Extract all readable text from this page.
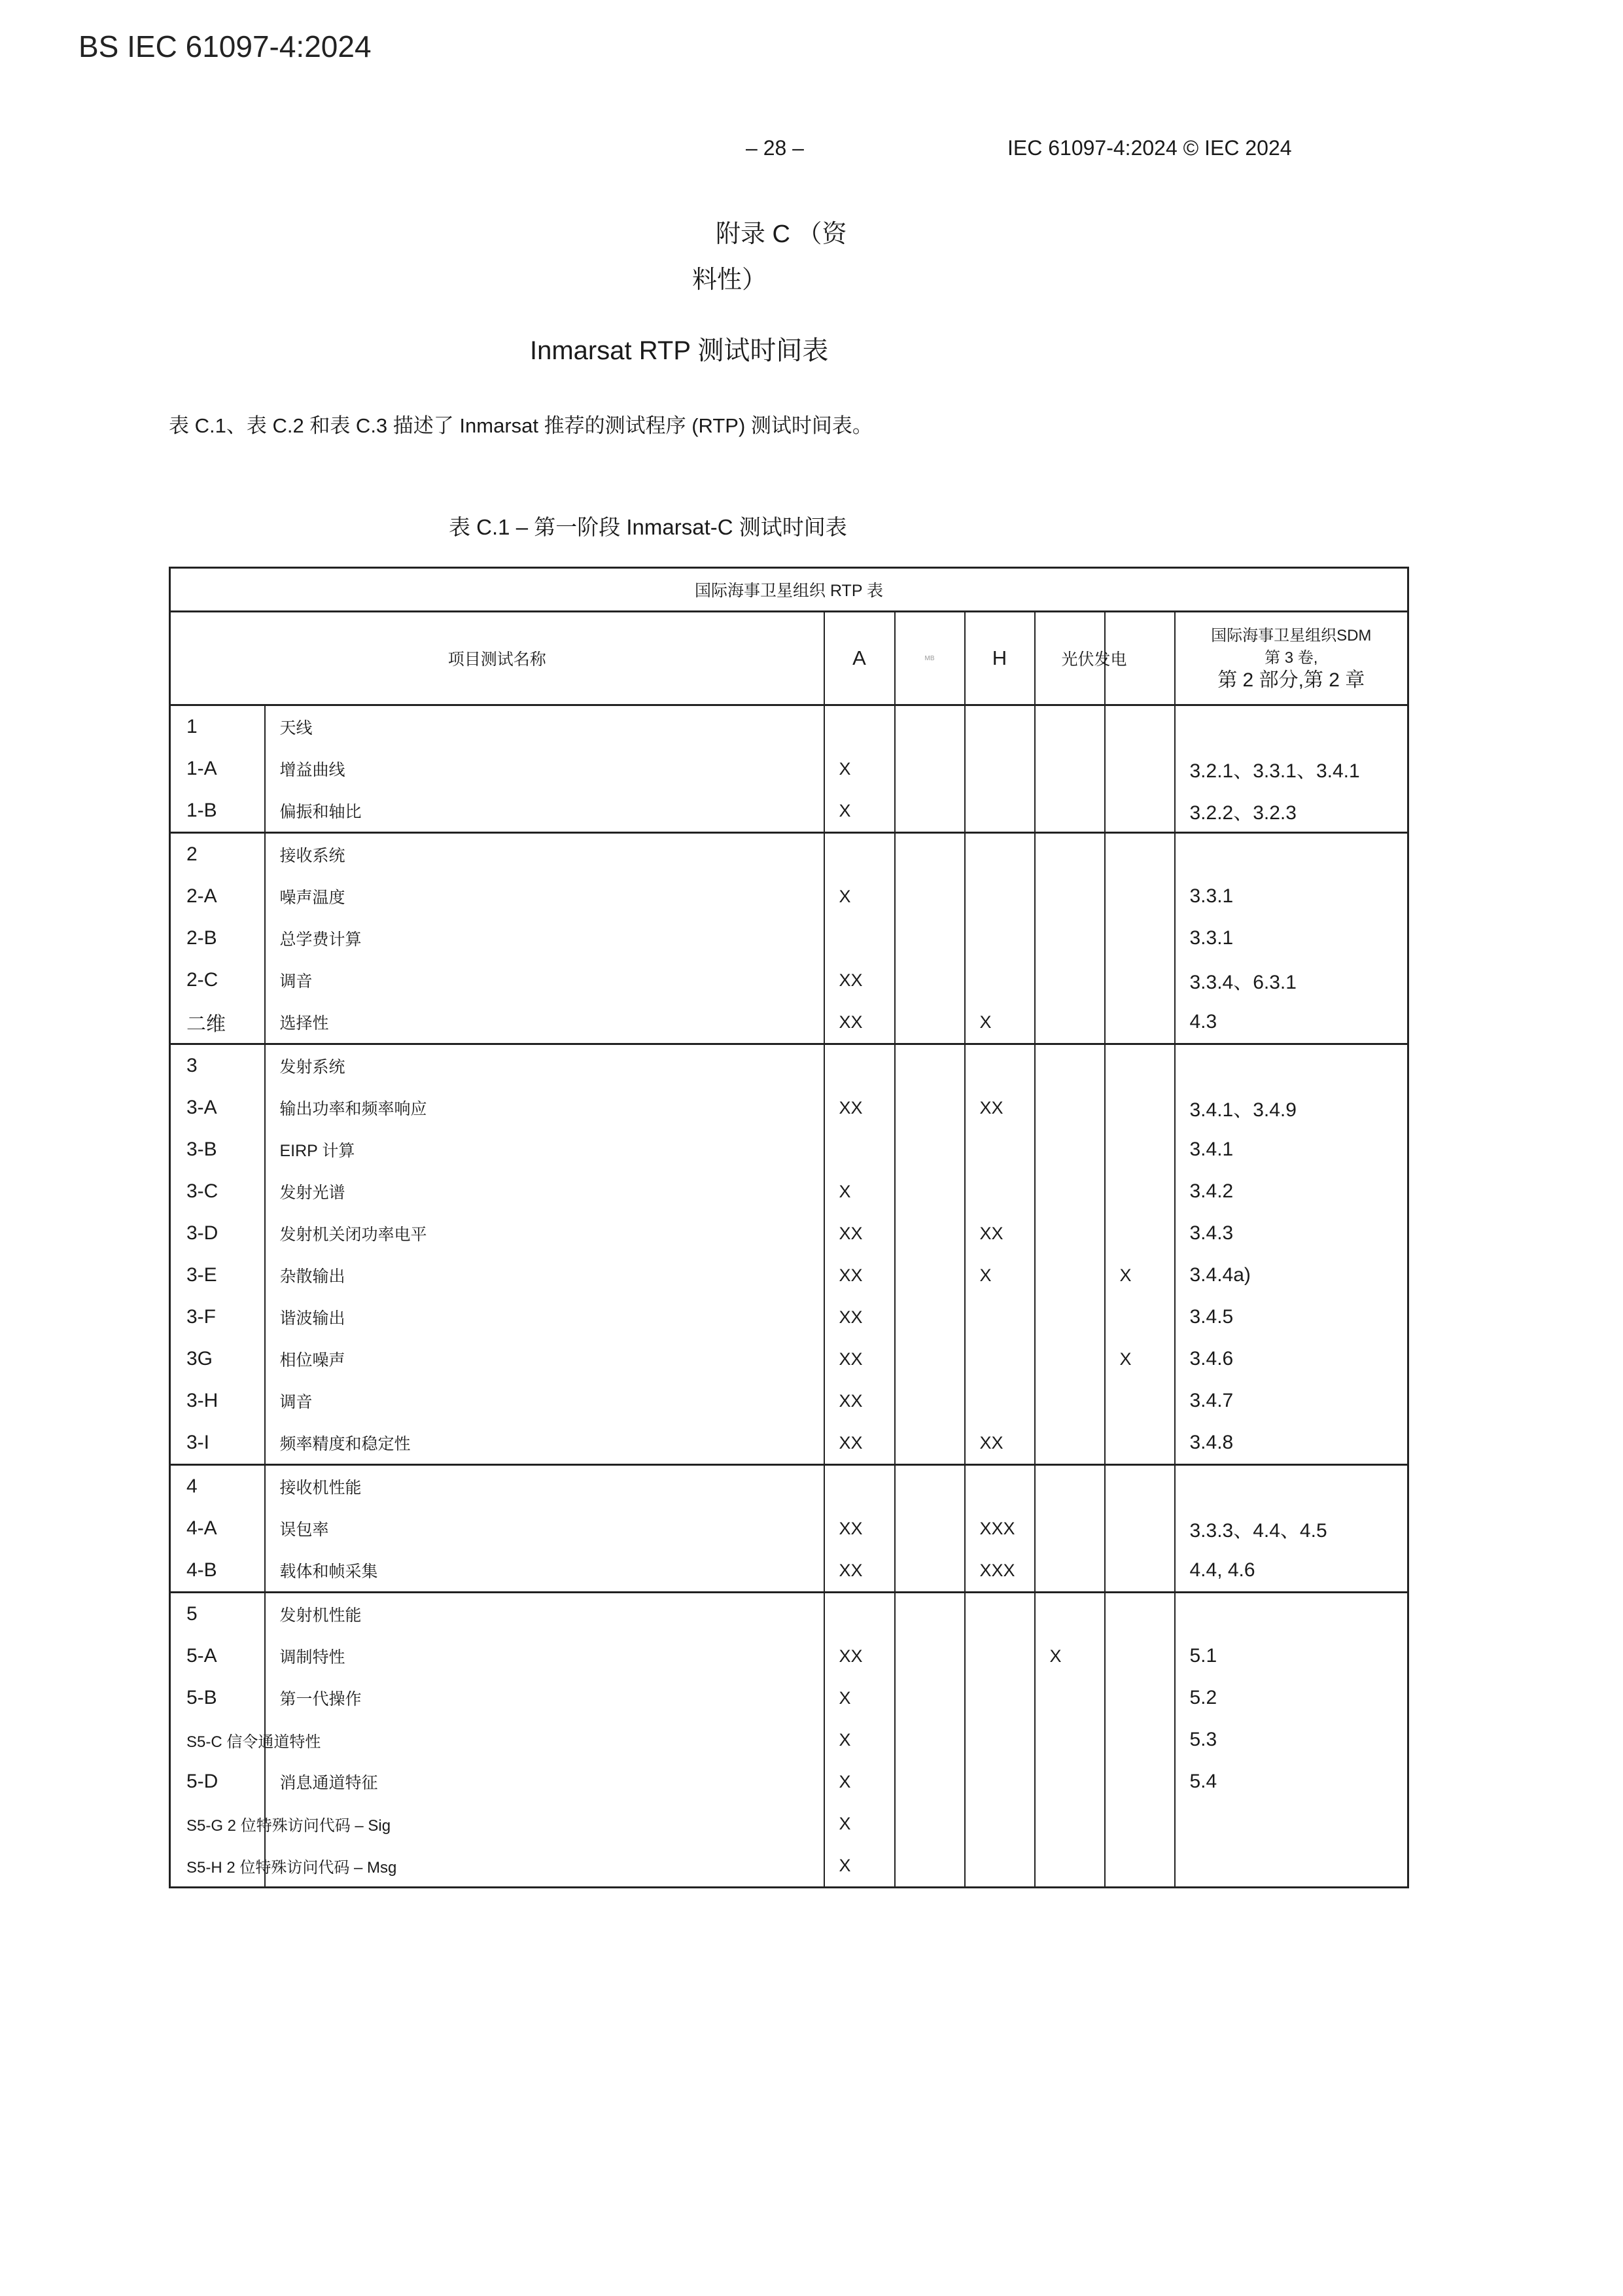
BS IEC 61097-4:2024
– 28 –	IEC 61097-4:2024 © IEC 2024
附录 C （资
料性）
Inmarsat RTP 测试时间表
表 C.1、表 C.2 和表 C.3 描述了 Inmarsat 推荐的测试程序 (RTP) 测试时间表。
表 C.1 – 第一阶段 Inmarsat-C 测试时间表
国际海事卫星组织 RTP 表							
项目测试名称		A	MB	H	光伏发电		国际海事卫星组织SDM
第 3 卷,
第 2 部分,第 2 章

1	天线						
1-A	增益曲线	X					3.2.1、3.3.1、3.4.1
1-B	偏振和轴比	X					3.2.2、3.2.3
2	接收系统						
2-A	噪声温度	X					3.3.1
2-B	总学费计算						3.3.1
2-C	调音	XX					3.3.4、6.3.1
二维	选择性	XX		X			4.3
3	发射系统						
3-A	输出功率和频率响应	XX		XX			3.4.1、3.4.9
3-B	EIRP 计算						3.4.1
3-C	发射光谱	X					3.4.2
3-D	发射机关闭功率电平	XX		XX			3.4.3
3-E	杂散输出	XX		X		X	3.4.4a)
3-F	谐波输出	XX					3.4.5
3G	相位噪声	XX				X	3.4.6
3-H	调音	XX					3.4.7
3-I	频率精度和稳定性	XX		XX			3.4.8
4	接收机性能						
4-A	误包率	XX		XXX			3.3.3、4.4、4.5
4-B	载体和帧采集	XX		XXX			4.4, 4.6
5	发射机性能						
5-A	调制特性	XX			X		5.1
5-B	第一代操作	X					5.2
S5-C 信令通道特性		X					5.3
5-D	消息通道特征	X					5.4
S5-G 2 位特殊访问代码 – Sig		X					
S5-H 2 位特殊访问代码 – Msg		X					
